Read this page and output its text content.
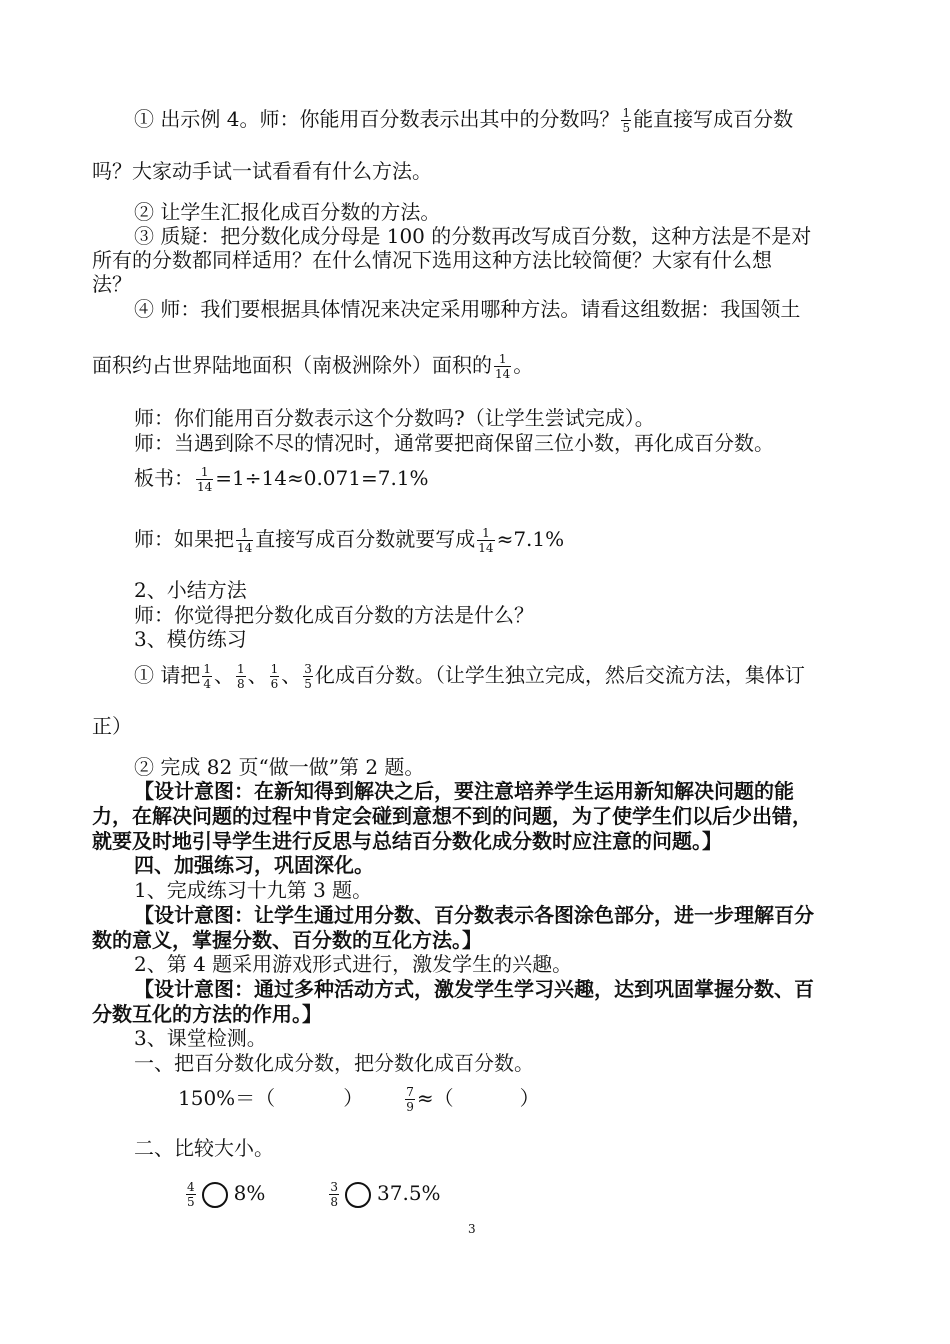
① 出示例 4。师：你能用百分数表示出其中的分数吗？ $\frac{1}{5}$ 能直接写成百分数
吗？大家动手试一试看看有什么方法。
② 让学生汇报化成百分数的方法。
③ 质疑：把分数化成分母是 100 的分数再改写成百分数，这种方法是不是对
所有的分数都同样适用？在什么情况下选用这种方法比较简便？大家有什么想
法？
④ 师：我们要根据具体情况来决定采用哪种方法。请看这组数据：我国领土
面积约占世界陆地面积（南极洲除外）面积的 $\frac{1}{14}$ 。
师：你们能用百分数表示这个分数吗?（让学生尝试完成）。
师：当遇到除不尽的情况时，通常要把商保留三位小数，再化成百分数。
板书： $\frac{1}{14} =1\div 14\approx 0.071=7.1\%$
师：如果把 $\frac{1}{14}$ 直接写成百分数就要写成 $\frac{1}{14} \approx 7.1\%$
2、小结方法
师：你觉得把分数化成百分数的方法是什么？
3、模仿练习
① 请把 $\frac{1}{4}$ 、 $\frac{1}{8}$ 、 $\frac{1}{6}$ 、 $\frac{3}{5}$ 化成百分数。（让学生独立完成，然后交流方法，集体订
正）
② 完成 82 页“做一做”第 2 题。
【设计意图：在新知得到解决之后，要注意培养学生运用新知解决问题的能
力，在解决问题的过程中肯定会碰到意想不到的问题，为了使学生们以后少出错，
就要及时地引导学生进行反思与总结百分数化成分数时应注意的问题。】
四、加强练习，巩固深化。
1、完成练习十九第 3 题。
【设计意图：让学生通过用分数、百分数表示各图涂色部分，进一步理解百分
数的意义，掌握分数、百分数的互化方法。】
2、第 4 题采用游戏形式进行，激发学生的兴趣。
【设计意图：通过多种活动方式，激发学生学习兴趣，达到巩固掌握分数、百
分数互化的方法的作用。】
3、课堂检测。
一、把百分数化成分数，把分数化成百分数。
150%＝（	）	$\frac{7}{9}$ ≈（	）
二、比较大小。
$\frac{4}{5} 8\%$	$\frac{3}{8} 37.5\%$
3
